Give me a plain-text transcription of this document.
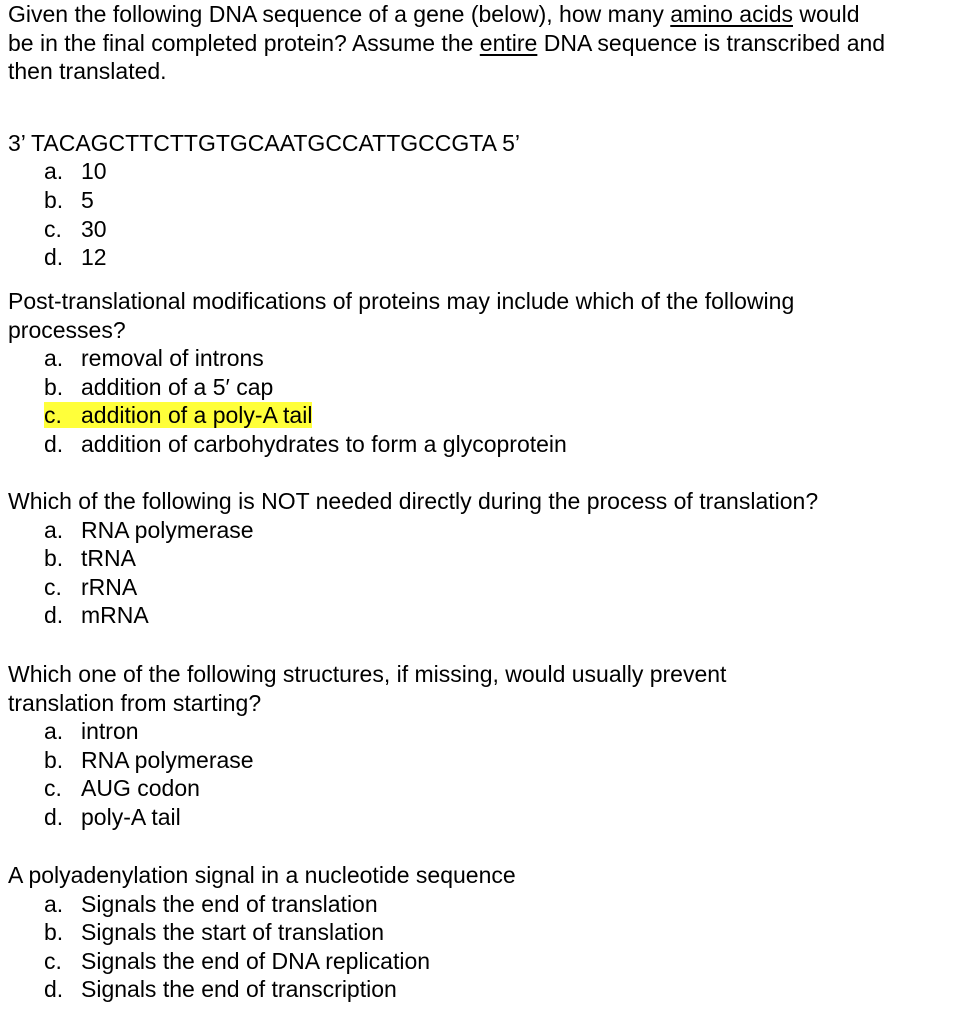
Given the following DNA sequence of a gene (below), how many amino acids would be in the final completed protein? Assume the entire DNA sequence is transcribed and then translated.
3’ TACAGCTTCTTGTGCAATGCCATTGCCGTA 5’
a. 10
b. 5
c. 30
d. 12
Post-translational modifications of proteins may include which of the following processes?
a. removal of introns
b. addition of a 5′ cap
c. addition of a poly-A tail
d. addition of carbohydrates to form a glycoprotein
Which of the following is NOT needed directly during the process of translation?
a. RNA polymerase
b. tRNA
c. rRNA
d. mRNA
Which one of the following structures, if missing, would usually prevent translation from starting?
a. intron
b. RNA polymerase
c. AUG codon
d. poly-A tail
A polyadenylation signal in a nucleotide sequence
a. Signals the end of translation
b. Signals the start of translation
c. Signals the end of DNA replication
d. Signals the end of transcription
